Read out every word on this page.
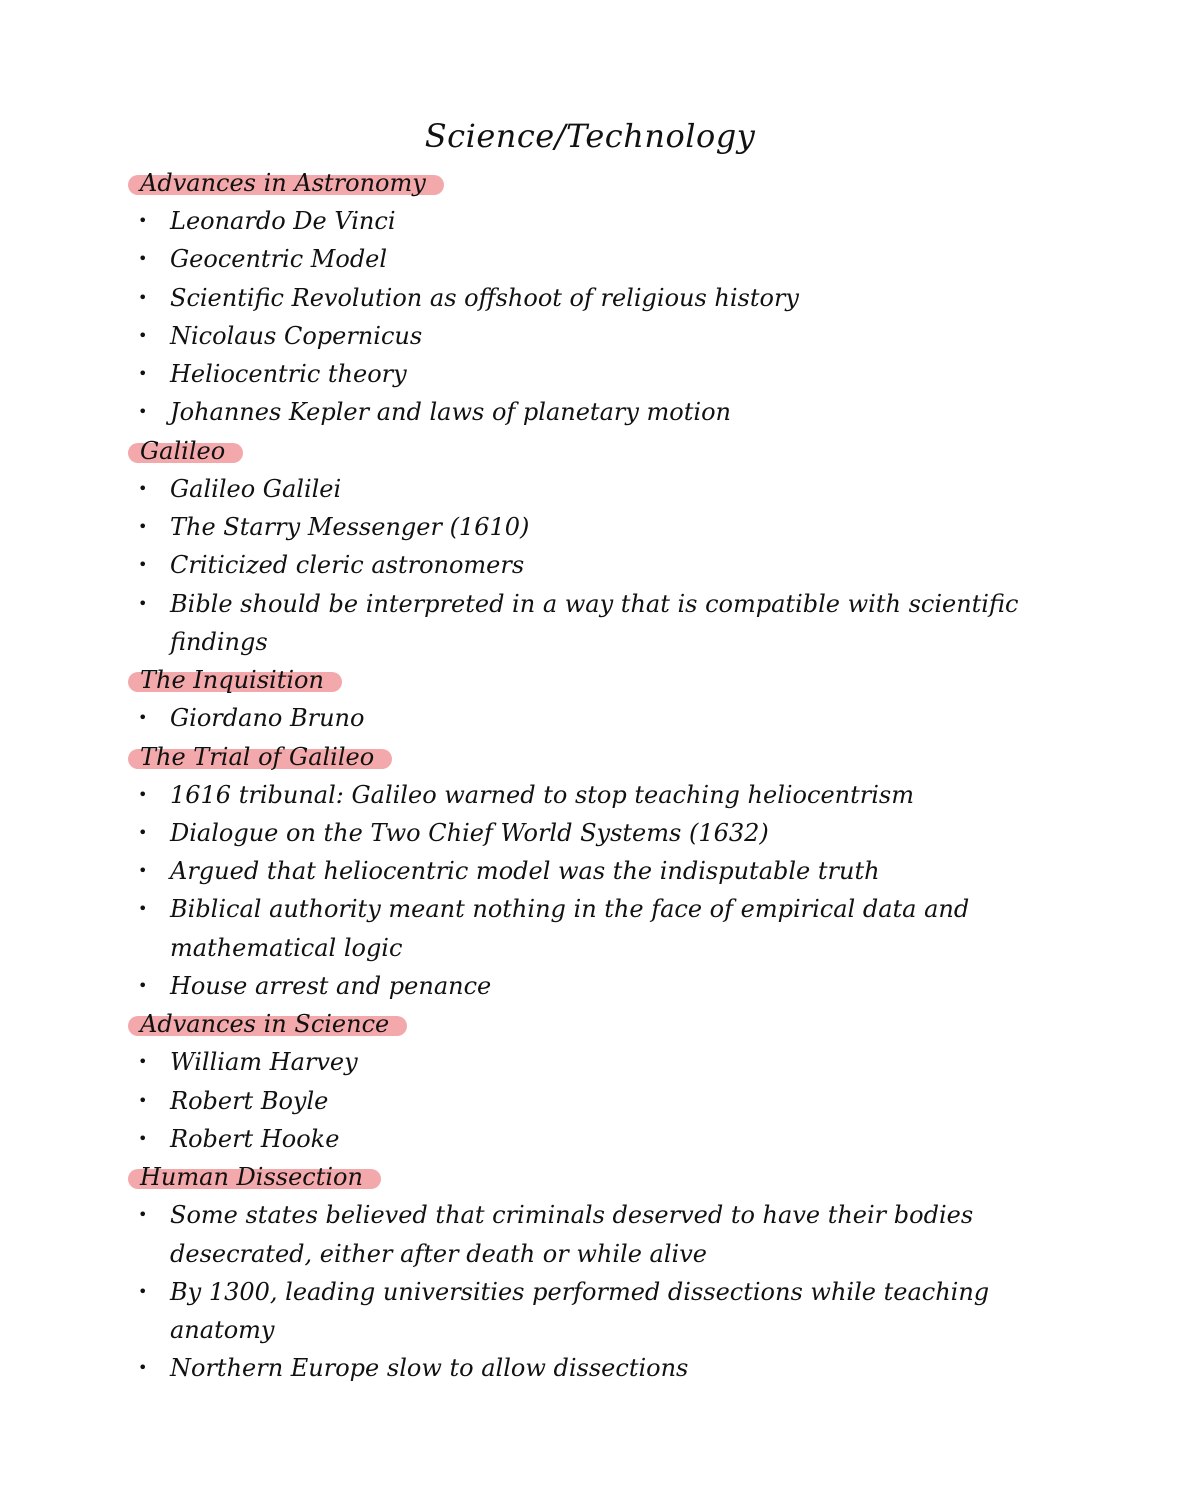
Science/Technology
Advances in Astronomy
• Leonardo De Vinci
• Geocentric Model
• Scientific Revolution as offshoot of religious history
• Nicolaus Copernicus
• Heliocentric theory
• Johannes Kepler and laws of planetary motion
Galileo
• Galileo Galilei
• The Starry Messenger (1610)
• Criticized cleric astronomers
• Bible should be interpreted in a way that is compatible with scientific findings
The Inquisition
• Giordano Bruno
The Trial of Galileo
• 1616 tribunal: Galileo warned to stop teaching heliocentrism
• Dialogue on the Two Chief World Systems (1632)
• Argued that heliocentric model was the indisputable truth
• Biblical authority meant nothing in the face of empirical data and mathematical logic
• House arrest and penance
Advances in Science
• William Harvey
• Robert Boyle
• Robert Hooke
Human Dissection
• Some states believed that criminals deserved to have their bodies desecrated, either after death or while alive
• By 1300, leading universities performed dissections while teaching anatomy
• Northern Europe slow to allow dissections
